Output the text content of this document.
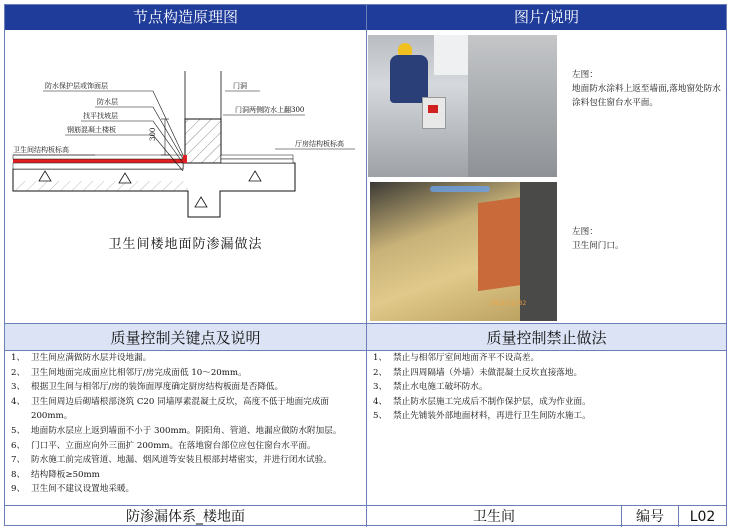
节点构造原理图	图片/说明
防水保护层或饰面层
防水层
找平找坡层
钢筋混凝土楼板
卫生间结构板标高
门洞
门洞两侧防水上翻300
厅房结构板标高
300
卫生间楼地面防渗漏做法
2013/12/02
左图：
地面防水涂料上返至墙面,落地窗处防水涂料包住窗台水平面。
左图：
卫生间门口。
质量控制关键点及说明	质量控制禁止做法
1、 卫生间应满做防水层并设地漏。
2、 卫生间地面完成面应比相邻厅/房完成面低 10～20mm。
3、 根据卫生间与相邻厅/房的装饰面厚度确定厨房结构板面是否降低。
4、 卫生间周边后砌墙根部浇筑 C20 同墙厚素混凝土反坎，高度不低于地面完成面
200mm。
5、 地面防水层应上返到墙面不小于 300mm。阴阳角、管道、地漏应做防水附加层。
6、 门口平、立面应向外三面扩 200mm。在落地窗台部位应包住窗台水平面。
7、 防水施工前完成管道、地漏、烟风道等安装且根部封堵密实，并进行闭水试验。
8、 结构降板≥50mm
9、 卫生间不建议设置地采暖。
1、 禁止与相邻厅室间地面齐平不设高差。
2、 禁止四周隔墙（外墙）未做混凝土反坎直接落地。
3、 禁止水电施工破坏防水。
4、 禁止防水层施工完成后不制作保护层，成为作业面。
5、 禁止先铺装外部地面材料，再进行卫生间防水施工。
防渗漏体系_楼地面	卫生间	编号	L02
